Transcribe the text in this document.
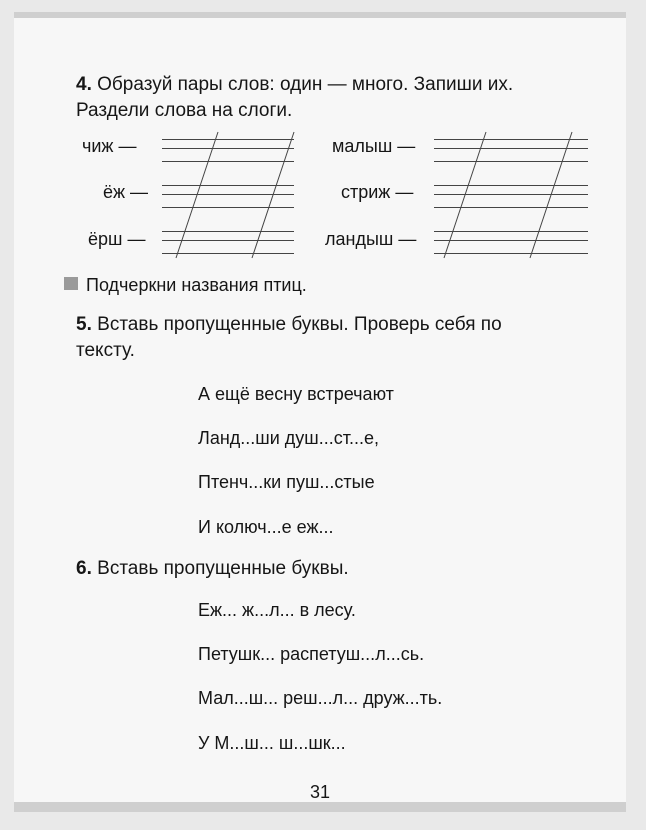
4. Образуй пары слов: один — много. Запиши их.
Раздели слова на слоги.
чиж —
ёж —
ёрш —
малыш —
стриж —
ландыш —
Подчеркни названия птиц.
5. Вставь пропущенные буквы. Проверь себя по
тексту.
А ещё весну встречают
Ланд...ши душ...ст...е,
Птенч...ки пуш...стые
И колюч...е еж...
6. Вставь пропущенные буквы.
Еж... ж...л... в лесу.
Петушк... распетуш...л...сь.
Мал...ш... реш...л... друж...ть.
У М...ш... ш...шк...
31
